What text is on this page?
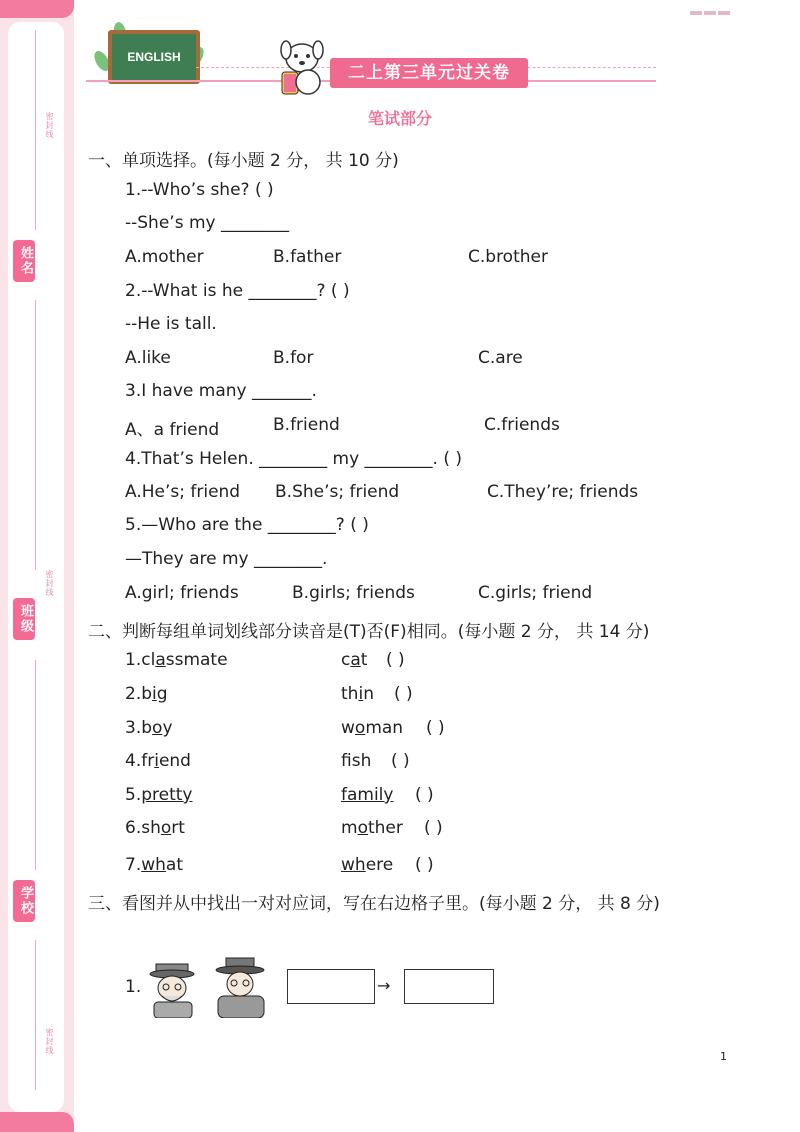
密封线
姓名
密封线
班级
学校
密封线
ENGLISH
二上第三单元过关卷
笔试部分
一、单项选择。(每小题 2 分， 共 10 分)
1.--Who’s she? ( )
--She’s my ________
A.mother	B.father	C.brother
2.--What is he ________? ( )
--He is tall.
A.like	B.for	C.are
3.I have many _______.
A、a friend	B.friend	C.friends
4.That’s Helen. ________ my ________. ( )
A.He’s; friend B.She’s; friend	C.They’re; friends
5.—Who are the ________? ( )
—They are my ________.
A.girl; friends	B.girls; friends	C.girls; friend
二、判断每组单词划线部分读音是(T)否(F)相同。(每小题 2 分， 共 14 分)
1.classmate	cat ( )
2.big	thin ( )
3.boy	woman ( )
4.friend	fsh ( )
5.pretty	family ( )
6.short	mother ( )
7.what	where ( )
三、看图并从中找出一对对应词，写在右边格子里。(每小题 2 分， 共 8 分)
1.	→
1
